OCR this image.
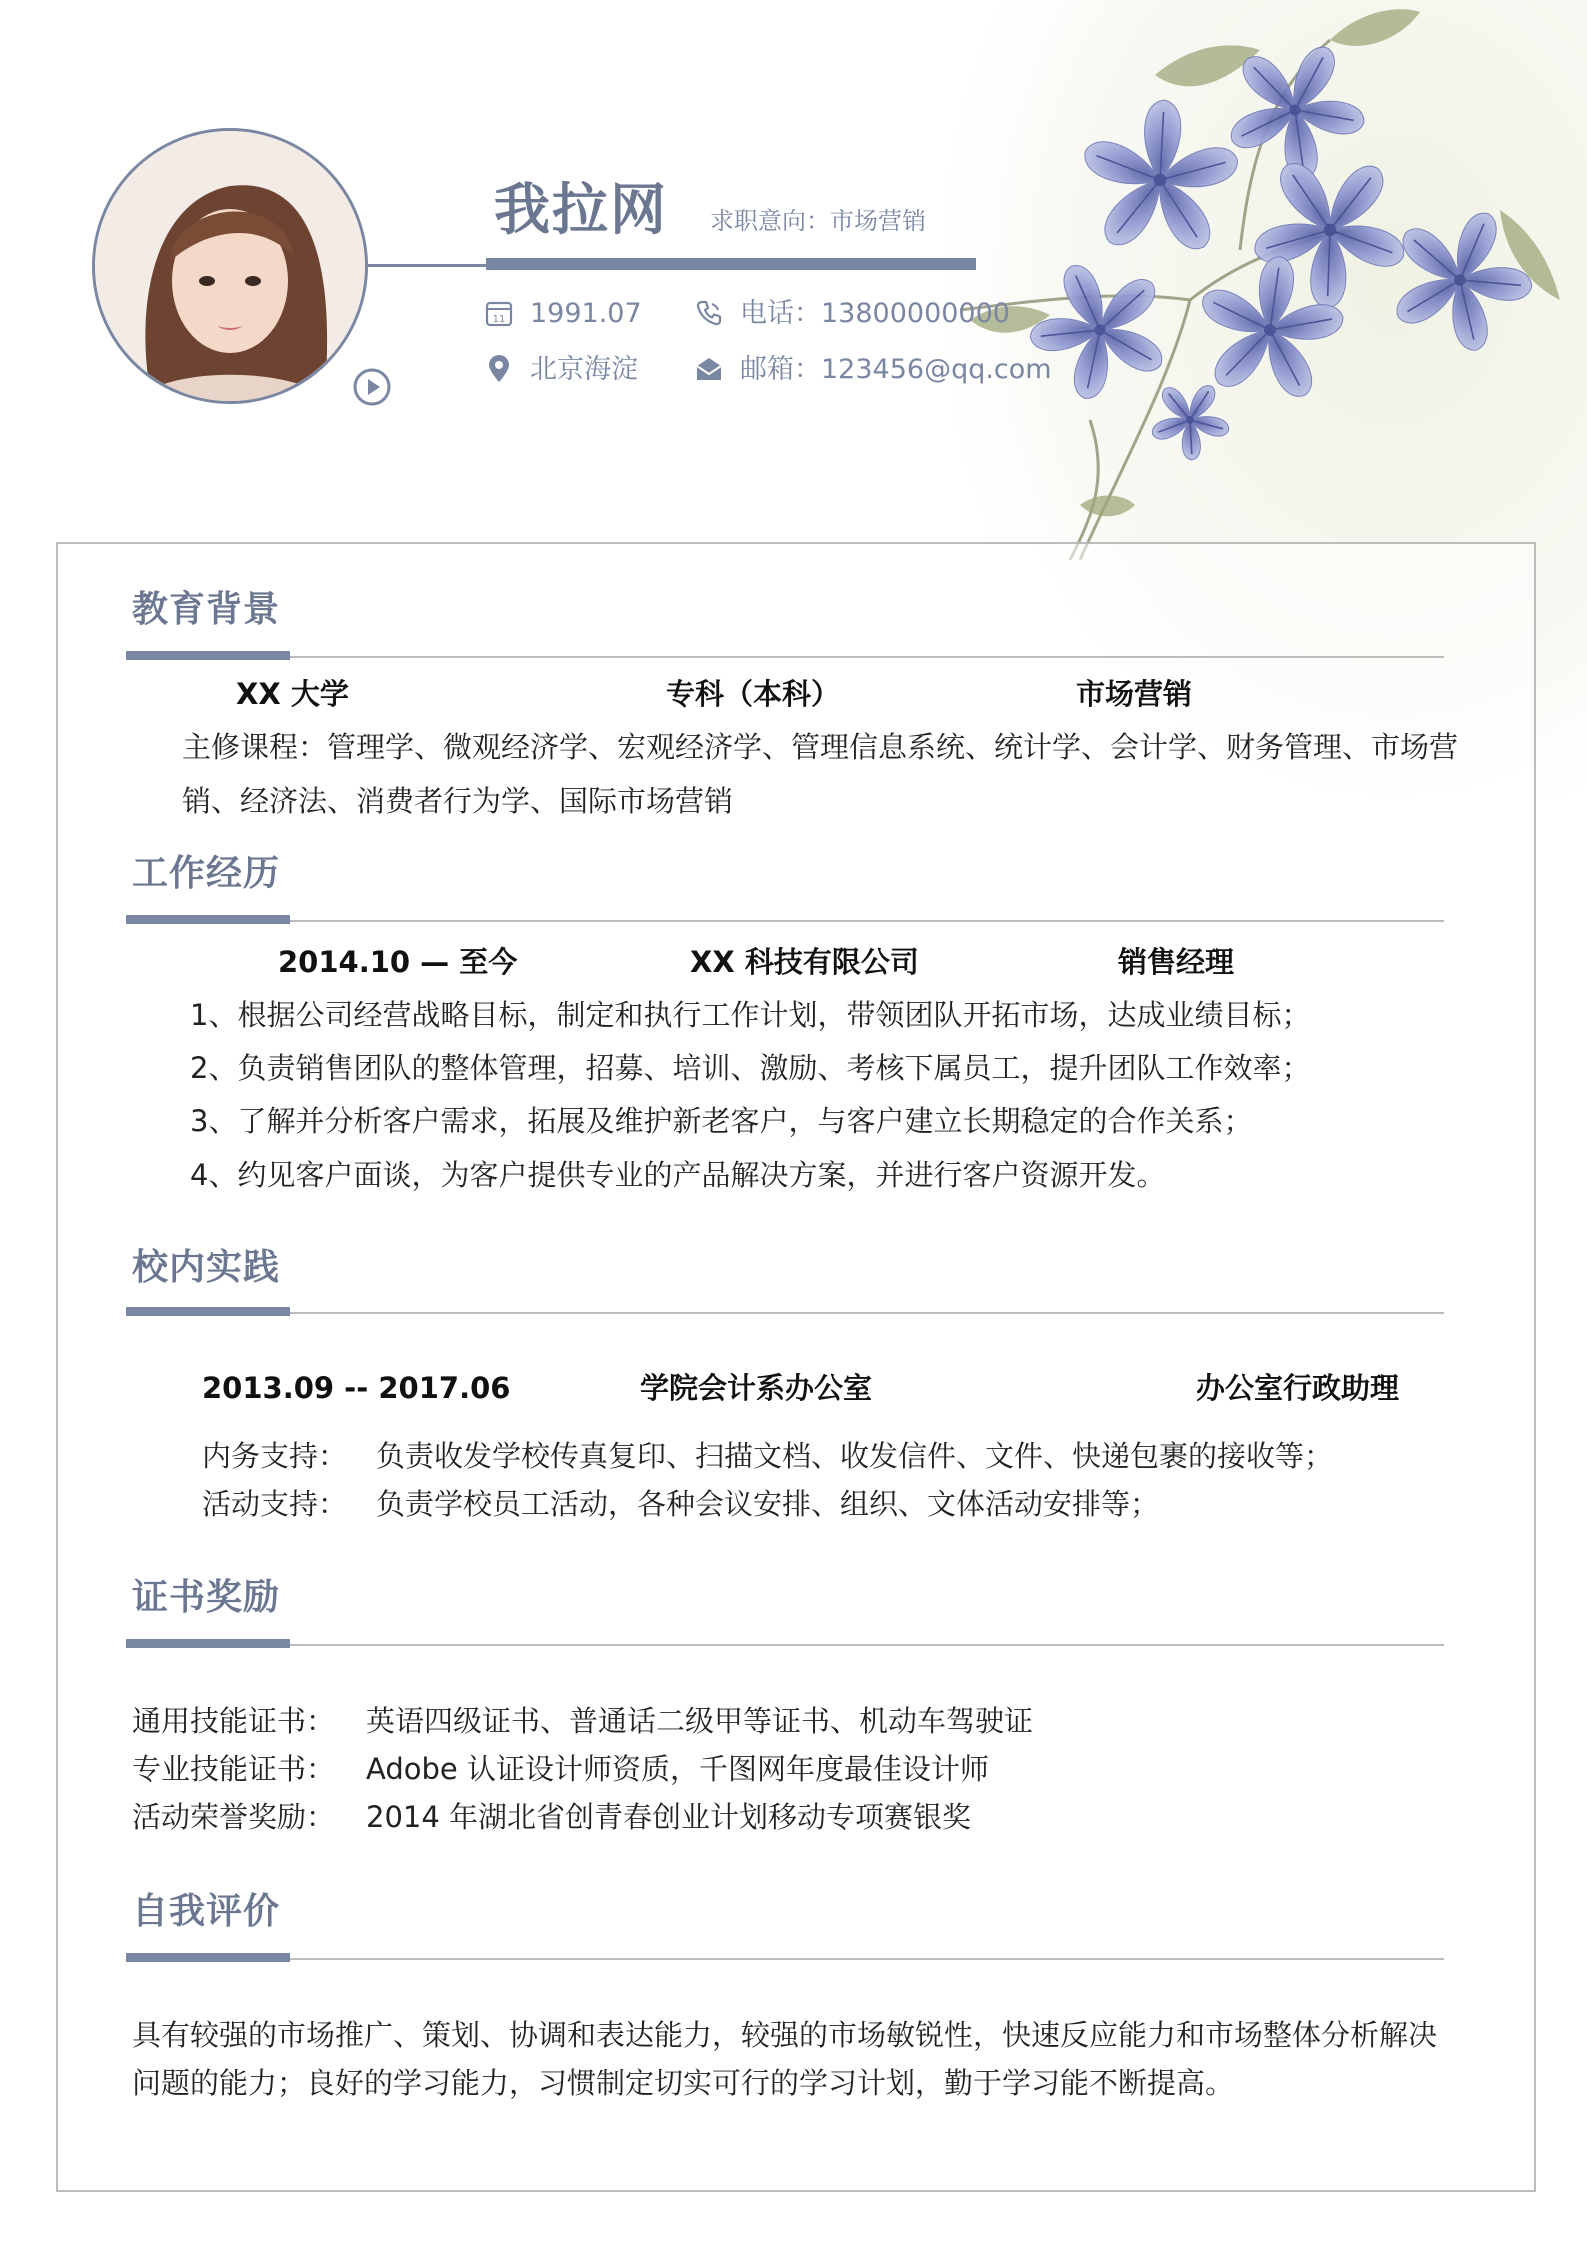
我拉网 求职意向：市场营销
11 1991.07	电话：13800000000
北京海淀	邮箱：123456@qq.com
教育背景
XX 大学	专科（本科）	市场营销
主修课程：管理学、微观经济学、宏观经济学、管理信息系统、统计学、会计学、财务管理、市场营
销、经济法、消费者行为学、国际市场营销
工作经历
2014.10 — 至今	XX 科技有限公司	销售经理
1、根据公司经营战略目标，制定和执行工作计划，带领团队开拓市场，达成业绩目标；
2、负责销售团队的整体管理，招募、培训、激励、考核下属员工，提升团队工作效率；
3、了解并分析客户需求，拓展及维护新老客户，与客户建立长期稳定的合作关系；
4、约见客户面谈，为客户提供专业的产品解决方案，并进行客户资源开发。
校内实践
2013.09 -- 2017.06	学院会计系办公室	办公室行政助理
内务支持： 负责收发学校传真复印、扫描文档、收发信件、文件、快递包裹的接收等；
活动支持： 负责学校员工活动，各种会议安排、组织、文体活动安排等；
证书奖励
通用技能证书： 英语四级证书、普通话二级甲等证书、机动车驾驶证
专业技能证书： Adobe 认证设计师资质，千图网年度最佳设计师
活动荣誉奖励： 2014 年湖北省创青春创业计划移动专项赛银奖
自我评价
具有较强的市场推广、策划、协调和表达能力，较强的市场敏锐性，快速反应能力和市场整体分析解决
问题的能力；良好的学习能力，习惯制定切实可行的学习计划，勤于学习能不断提高。
